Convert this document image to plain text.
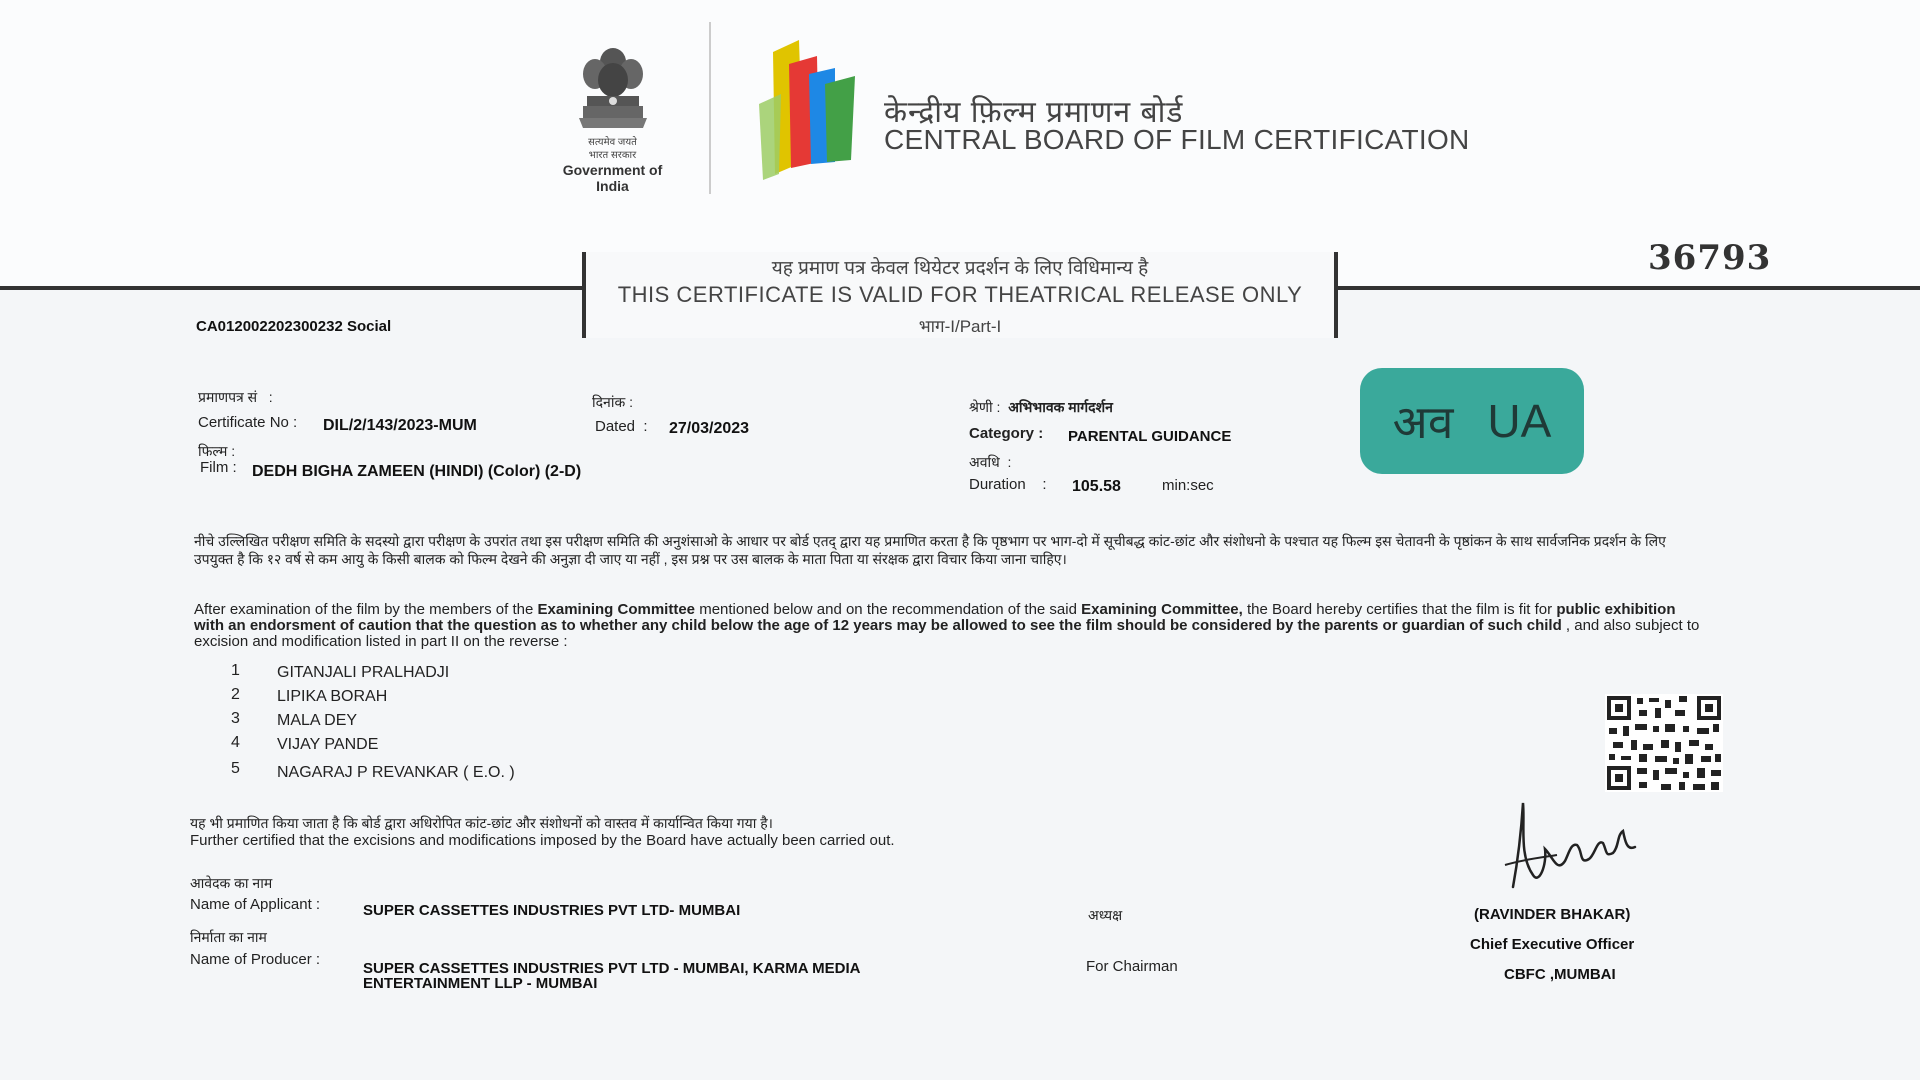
सत्यमेव जयते
भारत सरकार
Government of India
केन्द्रीय फ़िल्म प्रमाणन बोर्ड
CENTRAL BOARD OF FILM CERTIFICATION
यह प्रमाण पत्र केवल थियेटर प्रदर्शन के लिए विधिमान्य है
THIS CERTIFICATE IS VALID FOR THEATRICAL RELEASE ONLY
भाग-I/Part-I
36793
CA012002202300232 Social
प्रमाणपत्र सं   :
Certificate No : DIL/2/143/2023-MUM
दिनांक :
Dated  : 27/03/2023
फिल्म :
Film : DEDH BIGHA ZAMEEN (HINDI) (Color) (2-D)
श्रेणी :  अभिभावक मार्गदर्शन
Category : PARENTAL GUIDANCE
अवधि  :
Duration    : 105.58	min:sec
अव UA
नीचे उल्लिखित परीक्षण समिति के सदस्यो द्वारा परीक्षण के उपरांत तथा इस परीक्षण समिति की अनुशंसाओ के आधार पर बोर्ड एतद् द्वारा यह प्रमाणित करता है कि पृष्ठभाग पर भाग-दो में सूचीबद्ध कांट-छांट और संशोधनो के पश्चात यह फिल्म इस चेतावनी के पृष्ठांकन के साथ सार्वजनिक प्रदर्शन के लिए उपयुक्त है कि १२ वर्ष से कम आयु के किसी बालक को फिल्म देखने की अनुज्ञा दी जाए या नहीं , इस प्रश्न पर उस बालक के माता पिता या संरक्षक द्वारा विचार किया जाना चाहिए।
After examination of the film by the members of the Examining Committee mentioned below and on the recommendation of the said Examining Committee, the Board hereby certifies that the film is fit for public exhibition with an endorsment of caution that the question as to whether any child below the age of 12 years may be allowed to see the film should be considered by the parents or guardian of such child , and also subject to excision and modification listed in part II on the reverse :
1 GITANJALI PRALHADJI
2 LIPIKA BORAH
3 MALA DEY
4 VIJAY PANDE
5 NAGARAJ P REVANKAR ( E.O. )
यह भी प्रमाणित किया जाता है कि बोर्ड द्वारा अधिरोपित कांट-छांट और संशोधनों को वास्तव में कार्यान्वित किया गया है।
Further certified that the excisions and modifications imposed by the Board have actually been carried out.
आवेदक का नाम
Name of Applicant :	SUPER CASSETTES INDUSTRIES PVT LTD- MUMBAI
निर्माता का नाम
Name of Producer :
SUPER CASSETTES INDUSTRIES PVT LTD - MUMBAI, KARMA MEDIA
ENTERTAINMENT LLP - MUMBAI
अध्यक्ष
For Chairman
(RAVINDER BHAKAR)
Chief Executive Officer
CBFC ,MUMBAI
